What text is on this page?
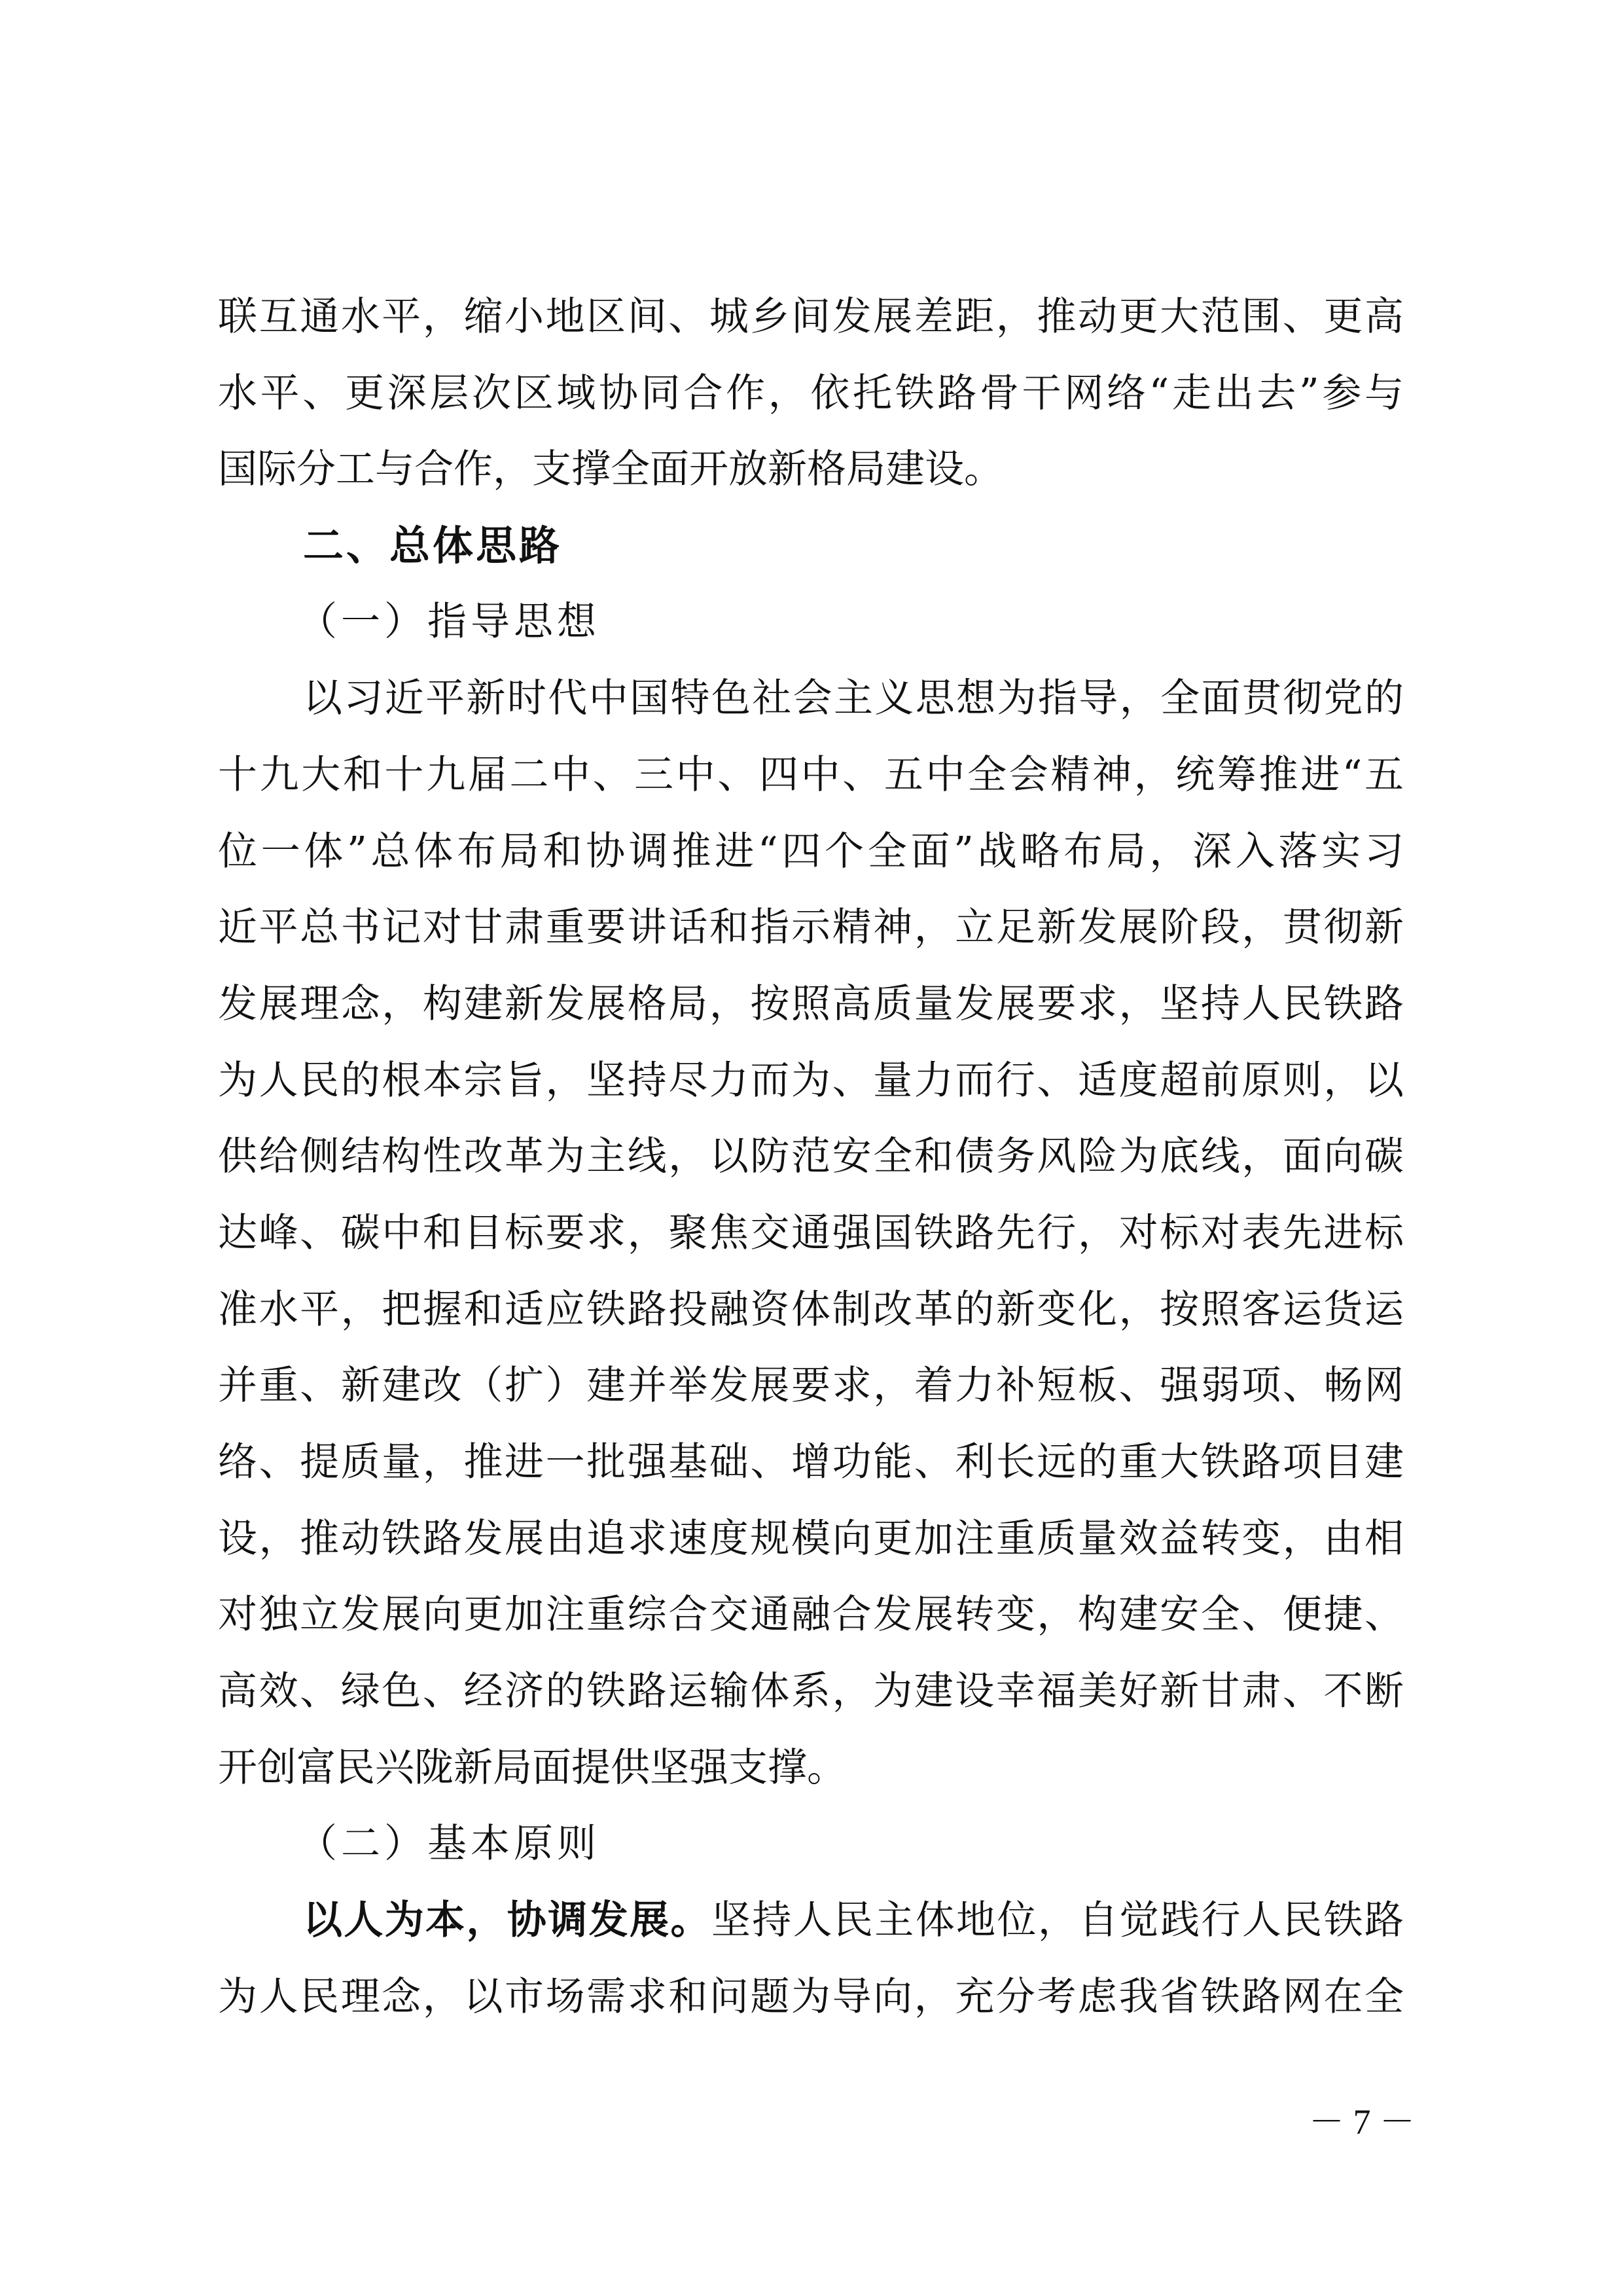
联互通水平，缩小地区间、城乡间发展差距，推动更大范围、更高
水平、更深层次区域协同合作，依托铁路骨干网络“走出去”参与
国际分工与合作，支撑全面开放新格局建设。
二、总体思路
（一）指导思想
以习近平新时代中国特色社会主义思想为指导，全面贯彻党的
十九大和十九届二中、三中、四中、五中全会精神，统筹推进“五
位一体”总体布局和协调推进“四个全面”战略布局，深入落实习
近平总书记对甘肃重要讲话和指示精神，立足新发展阶段，贯彻新
发展理念，构建新发展格局，按照高质量发展要求，坚持人民铁路
为人民的根本宗旨，坚持尽力而为、量力而行、适度超前原则，以
供给侧结构性改革为主线，以防范安全和债务风险为底线，面向碳
达峰、碳中和目标要求，聚焦交通强国铁路先行，对标对表先进标
准水平，把握和适应铁路投融资体制改革的新变化，按照客运货运
并重、新建改（扩）建并举发展要求，着力补短板、强弱项、畅网
络、提质量，推进一批强基础、增功能、利长远的重大铁路项目建
设，推动铁路发展由追求速度规模向更加注重质量效益转变，由相
对独立发展向更加注重综合交通融合发展转变，构建安全、便捷、
高效、绿色、经济的铁路运输体系，为建设幸福美好新甘肃、不断
开创富民兴陇新局面提供坚强支撑。
（二）基本原则
以人为本，协调发展。坚持人民主体地位，自觉践行人民铁路
为人民理念，以市场需求和问题为导向，充分考虑我省铁路网在全
－ 7 －
